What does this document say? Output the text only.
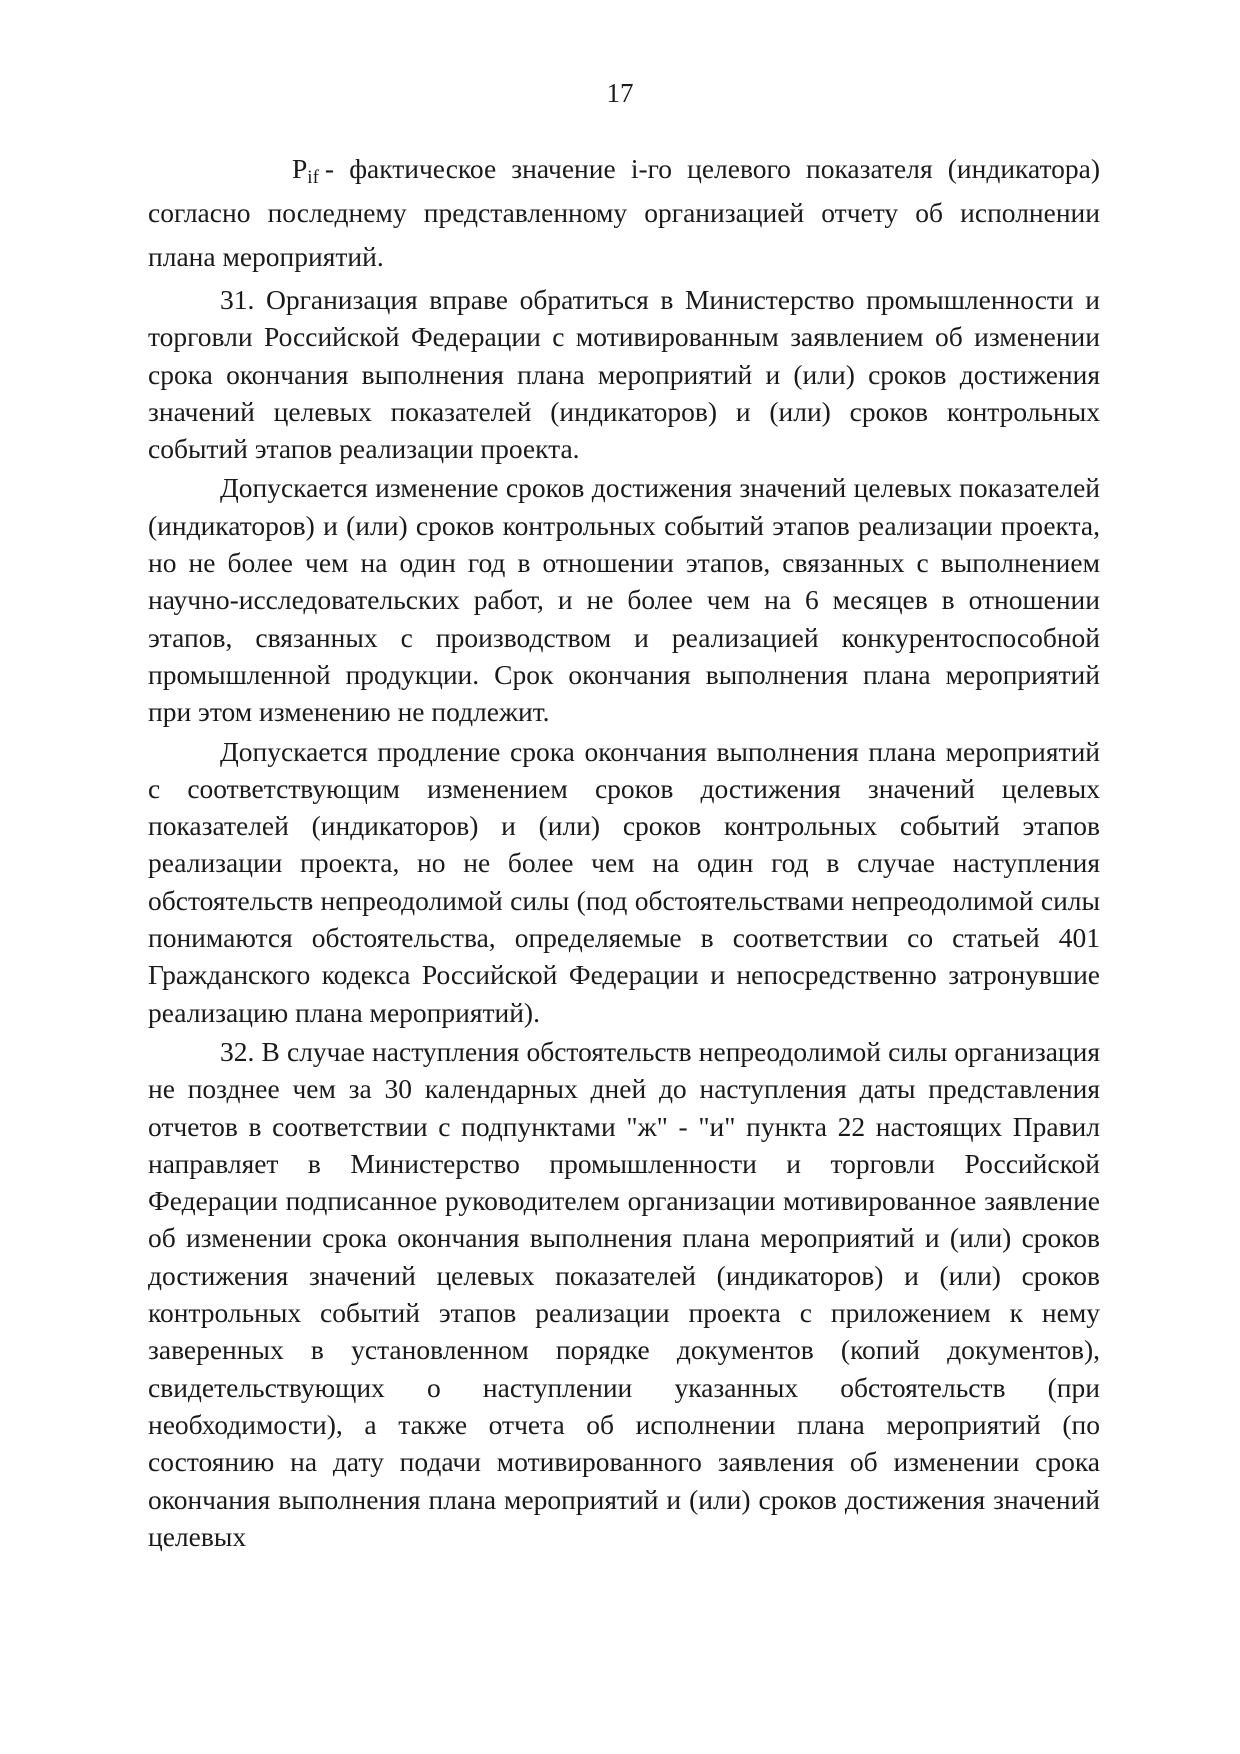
17

$P_{if}$ - фактическое значение i-го целевого показателя (индикатора) согласно последнему представленному организацией отчету об исполнении плана мероприятий.

31. Организация вправе обратиться в Министерство промышленности и торговли Российской Федерации с мотивированным заявлением об изменении срока окончания выполнения плана мероприятий и (или) сроков достижения значений целевых показателей (индикаторов) и (или) сроков контрольных событий этапов реализации проекта.

Допускается изменение сроков достижения значений целевых показателей (индикаторов) и (или) сроков контрольных событий этапов реализации проекта, но не более чем на один год в отношении этапов, связанных с выполнением научно-исследовательских работ, и не более чем на 6 месяцев в отношении этапов, связанных с производством и реализацией конкурентоспособной промышленной продукции. Срок окончания выполнения плана мероприятий при этом изменению не подлежит.

Допускается продление срока окончания выполнения плана мероприятий с соответствующим изменением сроков достижения значений целевых показателей (индикаторов) и (или) сроков контрольных событий этапов реализации проекта, но не более чем на один год в случае наступления обстоятельств непреодолимой силы (под обстоятельствами непреодолимой силы понимаются обстоятельства, определяемые в соответствии со статьей 401 Гражданского кодекса Российской Федерации и непосредственно затронувшие реализацию плана мероприятий).

32. В случае наступления обстоятельств непреодолимой силы организация не позднее чем за 30 календарных дней до наступления даты представления отчетов в соответствии с подпунктами "ж" - "и" пункта 22 настоящих Правил направляет в Министерство промышленности и торговли Российской Федерации подписанное руководителем организации мотивированное заявление об изменении срока окончания выполнения плана мероприятий и (или) сроков достижения значений целевых показателей (индикаторов) и (или) сроков контрольных событий этапов реализации проекта с приложением к нему заверенных в установленном порядке документов (копий документов), свидетельствующих о наступлении указанных обстоятельств (при необходимости), а также отчета об исполнении плана мероприятий (по состоянию на дату подачи мотивированного заявления об изменении срока окончания выполнения плана мероприятий и (или) сроков достижения значений целевых
